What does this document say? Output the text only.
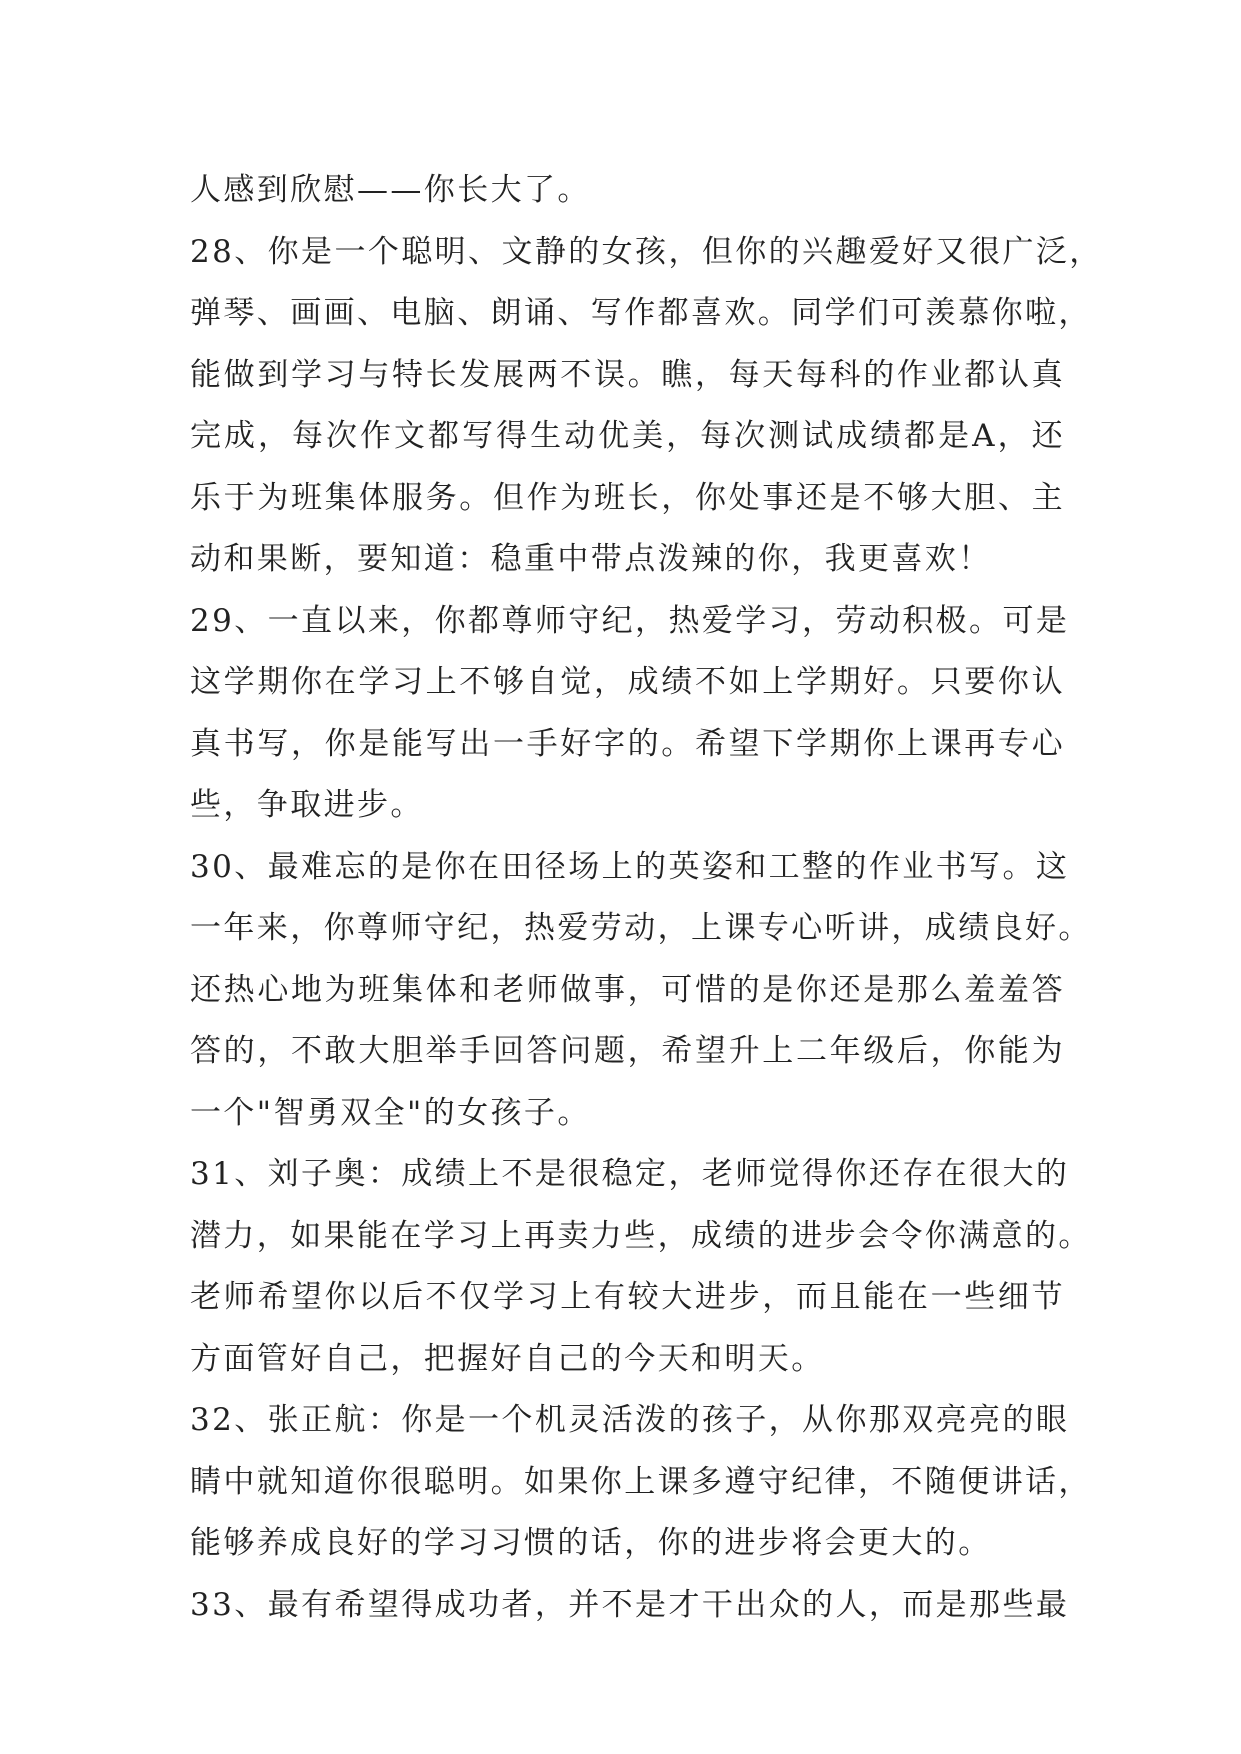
人感到欣慰——你长大了。
28、你是一个聪明、文静的女孩，但你的兴趣爱好又很广泛，
弹琴、画画、电脑、朗诵、写作都喜欢。同学们可羡慕你啦，
能做到学习与特长发展两不误。瞧，每天每科的作业都认真
完成，每次作文都写得生动优美，每次测试成绩都是A，还
乐于为班集体服务。但作为班长，你处事还是不够大胆、主
动和果断，要知道：稳重中带点泼辣的你，我更喜欢！
29、一直以来，你都尊师守纪，热爱学习，劳动积极。可是
这学期你在学习上不够自觉，成绩不如上学期好。只要你认
真书写，你是能写出一手好字的。希望下学期你上课再专心
些，争取进步。
30、最难忘的是你在田径场上的英姿和工整的作业书写。这
一年来，你尊师守纪，热爱劳动，上课专心听讲，成绩良好。
还热心地为班集体和老师做事，可惜的是你还是那么羞羞答
答的，不敢大胆举手回答问题，希望升上二年级后，你能为
一个"智勇双全"的女孩子。
31、刘子奥：成绩上不是很稳定，老师觉得你还存在很大的
潜力，如果能在学习上再卖力些，成绩的进步会令你满意的。
老师希望你以后不仅学习上有较大进步，而且能在一些细节
方面管好自己，把握好自己的今天和明天。
32、张正航：你是一个机灵活泼的孩子，从你那双亮亮的眼
睛中就知道你很聪明。如果你上课多遵守纪律，不随便讲话，
能够养成良好的学习习惯的话，你的进步将会更大的。
33、最有希望得成功者，并不是才干出众的人，而是那些最
